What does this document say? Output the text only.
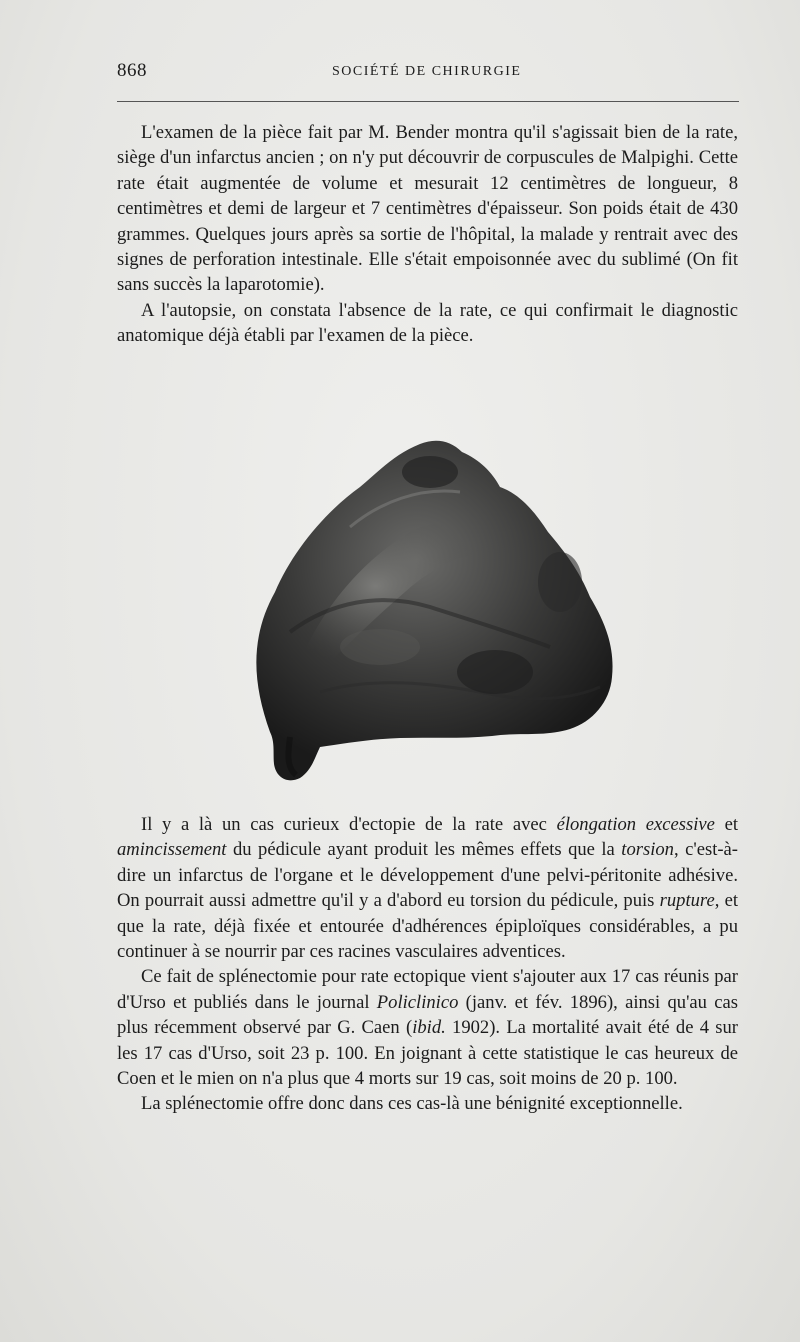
868	SOCIÉTÉ DE CHIRURGIE

L'examen de la pièce fait par M. Bender montra qu'il s'agissait bien de la rate, siège d'un infarctus ancien ; on n'y put découvrir de corpuscules de Malpighi. Cette rate était augmentée de volume et mesurait 12 centimètres de longueur, 8 centimètres et demi de largeur et 7 centimètres d'épaisseur. Son poids était de 430 grammes. Quelques jours après sa sortie de l'hôpital, la malade y rentrait avec des signes de perforation intestinale. Elle s'était empoisonnée avec du sublimé (On fit sans succès la laparotomie).

A l'autopsie, on constata l'absence de la rate, ce qui confirmait le diagnostic anatomique déjà établi par l'examen de la pièce.

Il y a là un cas curieux d'ectopie de la rate avec élongation excessive et amincissement du pédicule ayant produit les mêmes effets que la torsion, c'est-à-dire un infarctus de l'organe et le développement d'une pelvi-péritonite adhésive. On pourrait aussi admettre qu'il y a d'abord eu torsion du pédicule, puis rupture, et que la rate, déjà fixée et entourée d'adhérences épiploïques considérables, a pu continuer à se nourrir par ces racines vasculaires adventices.

Ce fait de splénectomie pour rate ectopique vient s'ajouter aux 17 cas réunis par d'Urso et publiés dans le journal Policlinico (janv. et fév. 1896), ainsi qu'au cas plus récemment observé par G. Caen (ibid. 1902). La mortalité avait été de 4 sur les 17 cas d'Urso, soit 23 p. 100. En joignant à cette statistique le cas heureux de Coen et le mien on n'a plus que 4 morts sur 19 cas, soit moins de 20 p. 100.

La splénectomie offre donc dans ces cas-là une bénignité exceptionnelle.
